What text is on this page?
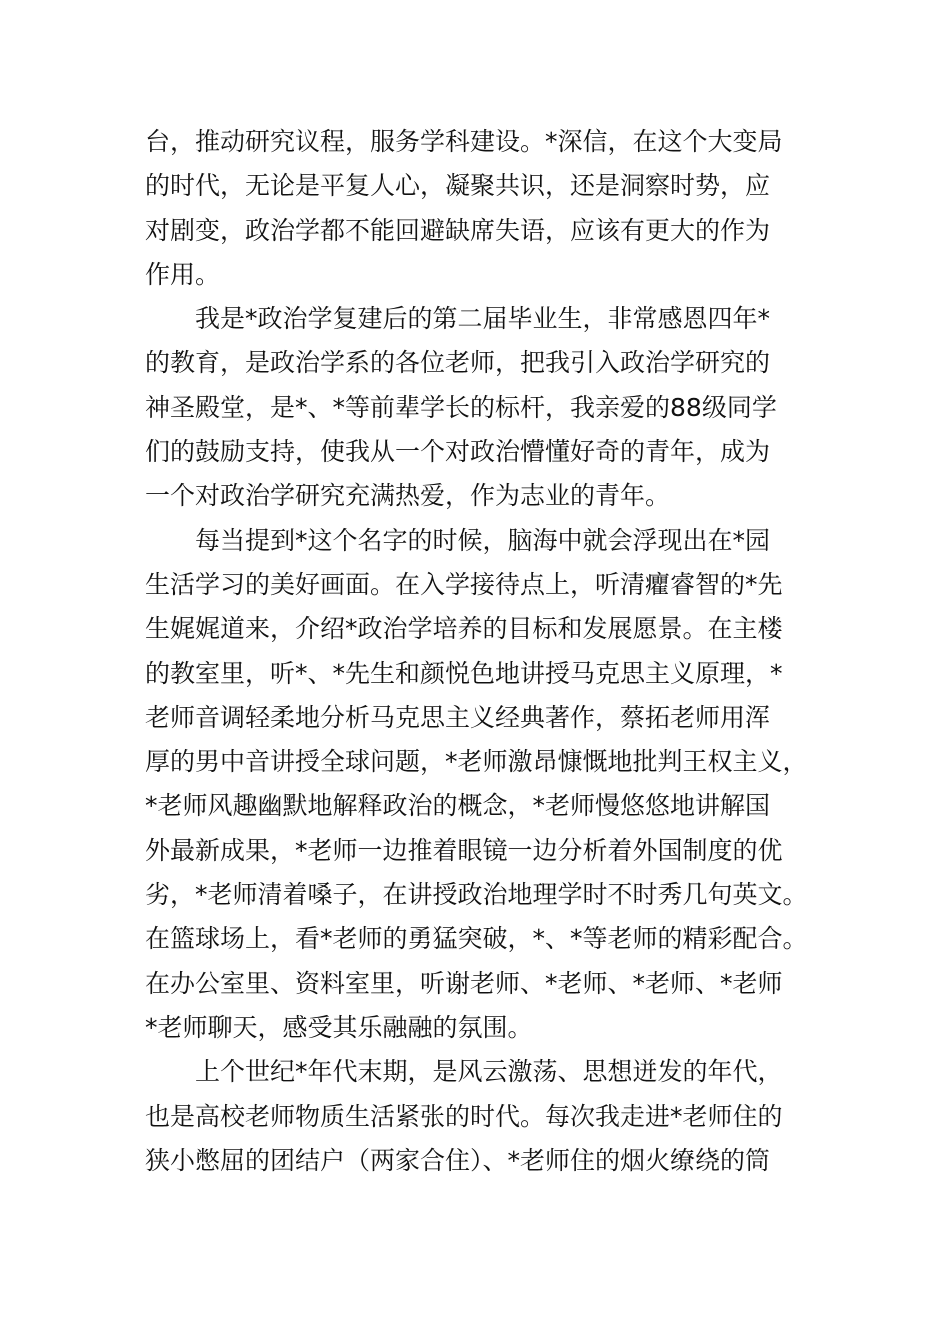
台，推动研究议程，服务学科建设。*深信，在这个大变局
的时代，无论是平复人心，凝聚共识，还是洞察时势，应
对剧变，政治学都不能回避缺席失语，应该有更大的作为
作用。
　　我是*政治学复建后的第二届毕业生，非常感恩四年*
的教育，是政治学系的各位老师，把我引入政治学研究的
神圣殿堂，是*、*等前辈学长的标杆，我亲爱的88级同学
们的鼓励支持，使我从一个对政治懵懂好奇的青年，成为
一个对政治学研究充满热爱，作为志业的青年。
　　每当提到*这个名字的时候，脑海中就会浮现出在*园
生活学习的美好画面。在入学接待点上，听清癯睿智的*先
生娓娓道来，介绍*政治学培养的目标和发展愿景。在主楼
的教室里，听*、*先生和颜悦色地讲授马克思主义原理，*
老师音调轻柔地分析马克思主义经典著作，蔡拓老师用浑
厚的男中音讲授全球问题，*老师激昂慷慨地批判王权主义，
*老师风趣幽默地解释政治的概念，*老师慢悠悠地讲解国
外最新成果，*老师一边推着眼镜一边分析着外国制度的优
劣，*老师清着嗓子，在讲授政治地理学时不时秀几句英文。
在篮球场上，看*老师的勇猛突破，*、*等老师的精彩配合。
在办公室里、资料室里，听谢老师、*老师、*老师、*老师
*老师聊天，感受其乐融融的氛围。
　　上个世纪*年代末期，是风云激荡、思想迸发的年代，
也是高校老师物质生活紧张的时代。每次我走进*老师住的
狭小憋屈的团结户（两家合住）、*老师住的烟火缭绕的筒
